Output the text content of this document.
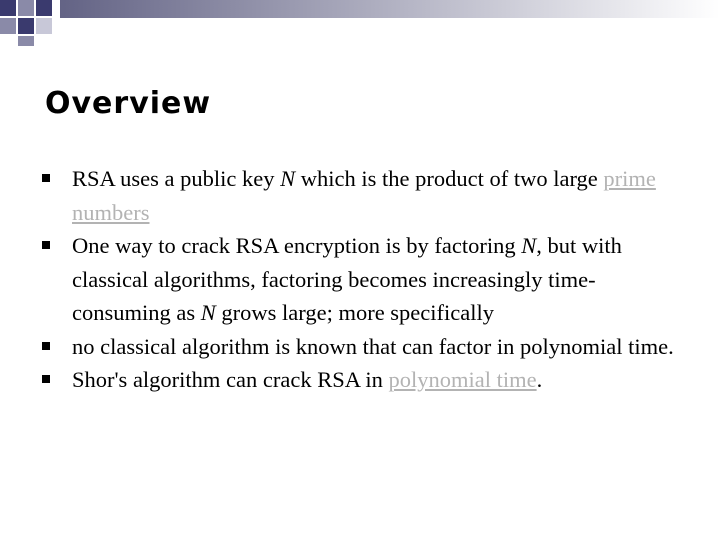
Overview
RSA uses a public key N which is the product of two large prime numbers
One way to crack RSA encryption is by factoring N, but with classical algorithms, factoring becomes increasingly time-consuming as N grows large; more specifically
no classical algorithm is known that can factor in polynomial time.
Shor's algorithm can crack RSA in polynomial time.
